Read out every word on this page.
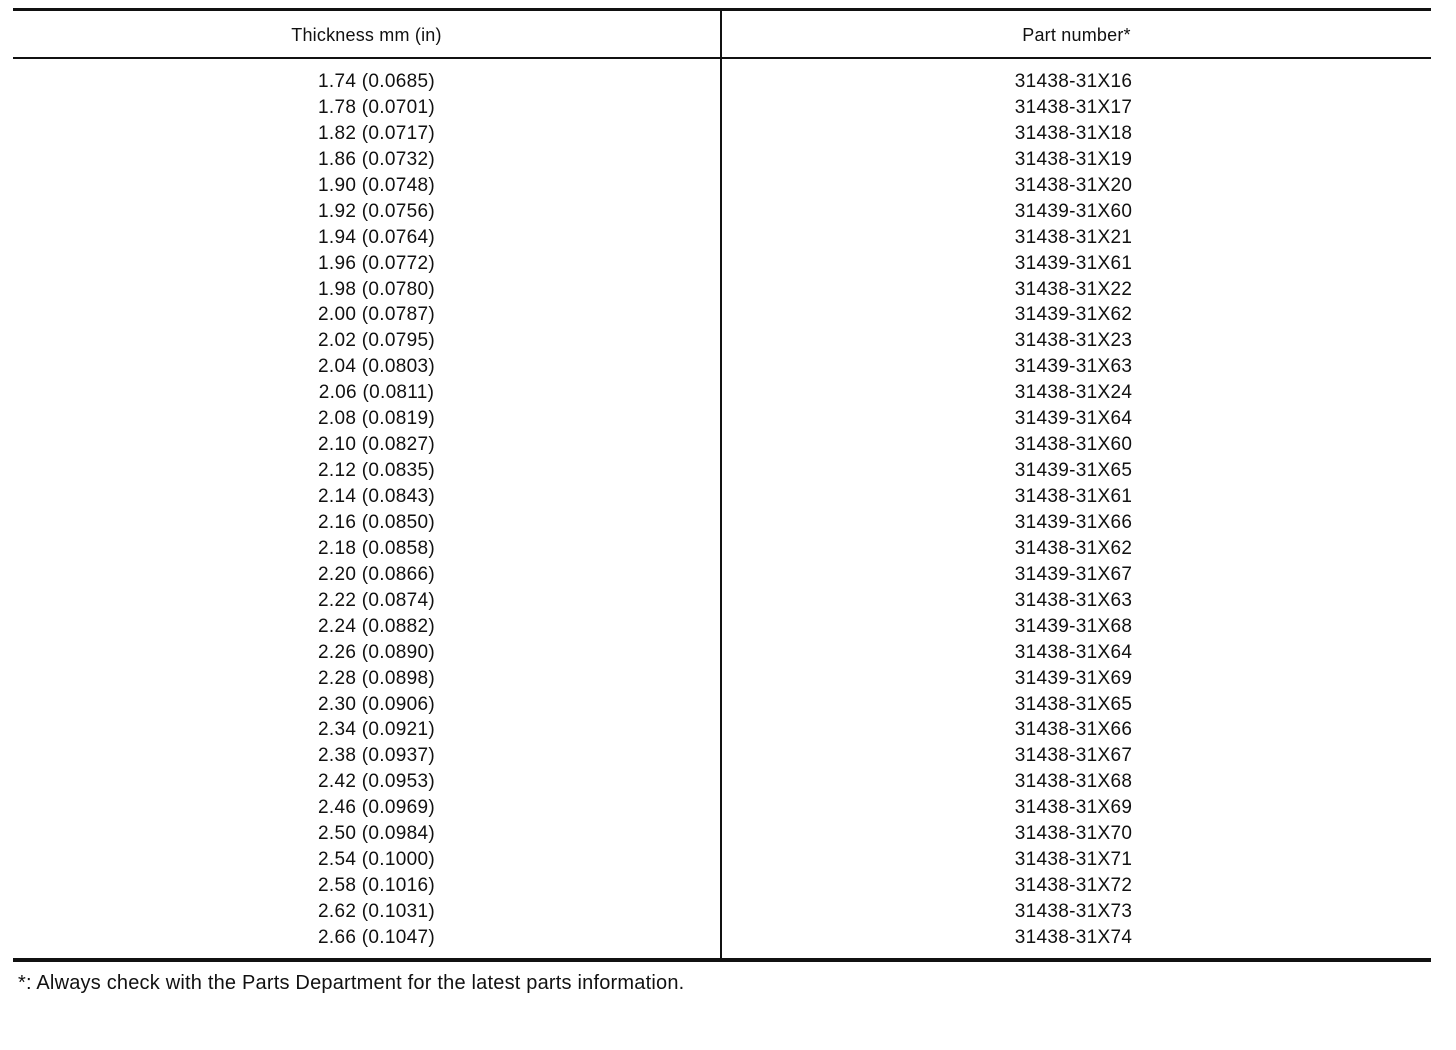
Thickness mm (in)	Part number*
1.74 (0.0685)
1.78 (0.0701)
1.82 (0.0717)
1.86 (0.0732)
1.90 (0.0748)
1.92 (0.0756)
1.94 (0.0764)
1.96 (0.0772)
1.98 (0.0780)
2.00 (0.0787)
2.02 (0.0795)
2.04 (0.0803)
2.06 (0.0811)
2.08 (0.0819)
2.10 (0.0827)
2.12 (0.0835)
2.14 (0.0843)
2.16 (0.0850)
2.18 (0.0858)
2.20 (0.0866)
2.22 (0.0874)
2.24 (0.0882)
2.26 (0.0890)
2.28 (0.0898)
2.30 (0.0906)
2.34 (0.0921)
2.38 (0.0937)
2.42 (0.0953)
2.46 (0.0969)
2.50 (0.0984)
2.54 (0.1000)
2.58 (0.1016)
2.62 (0.1031)
2.66 (0.1047)
31438-31X16
31438-31X17
31438-31X18
31438-31X19
31438-31X20
31439-31X60
31438-31X21
31439-31X61
31438-31X22
31439-31X62
31438-31X23
31439-31X63
31438-31X24
31439-31X64
31438-31X60
31439-31X65
31438-31X61
31439-31X66
31438-31X62
31439-31X67
31438-31X63
31439-31X68
31438-31X64
31439-31X69
31438-31X65
31438-31X66
31438-31X67
31438-31X68
31438-31X69
31438-31X70
31438-31X71
31438-31X72
31438-31X73
31438-31X74
*: Always check with the Parts Department for the latest parts information.
